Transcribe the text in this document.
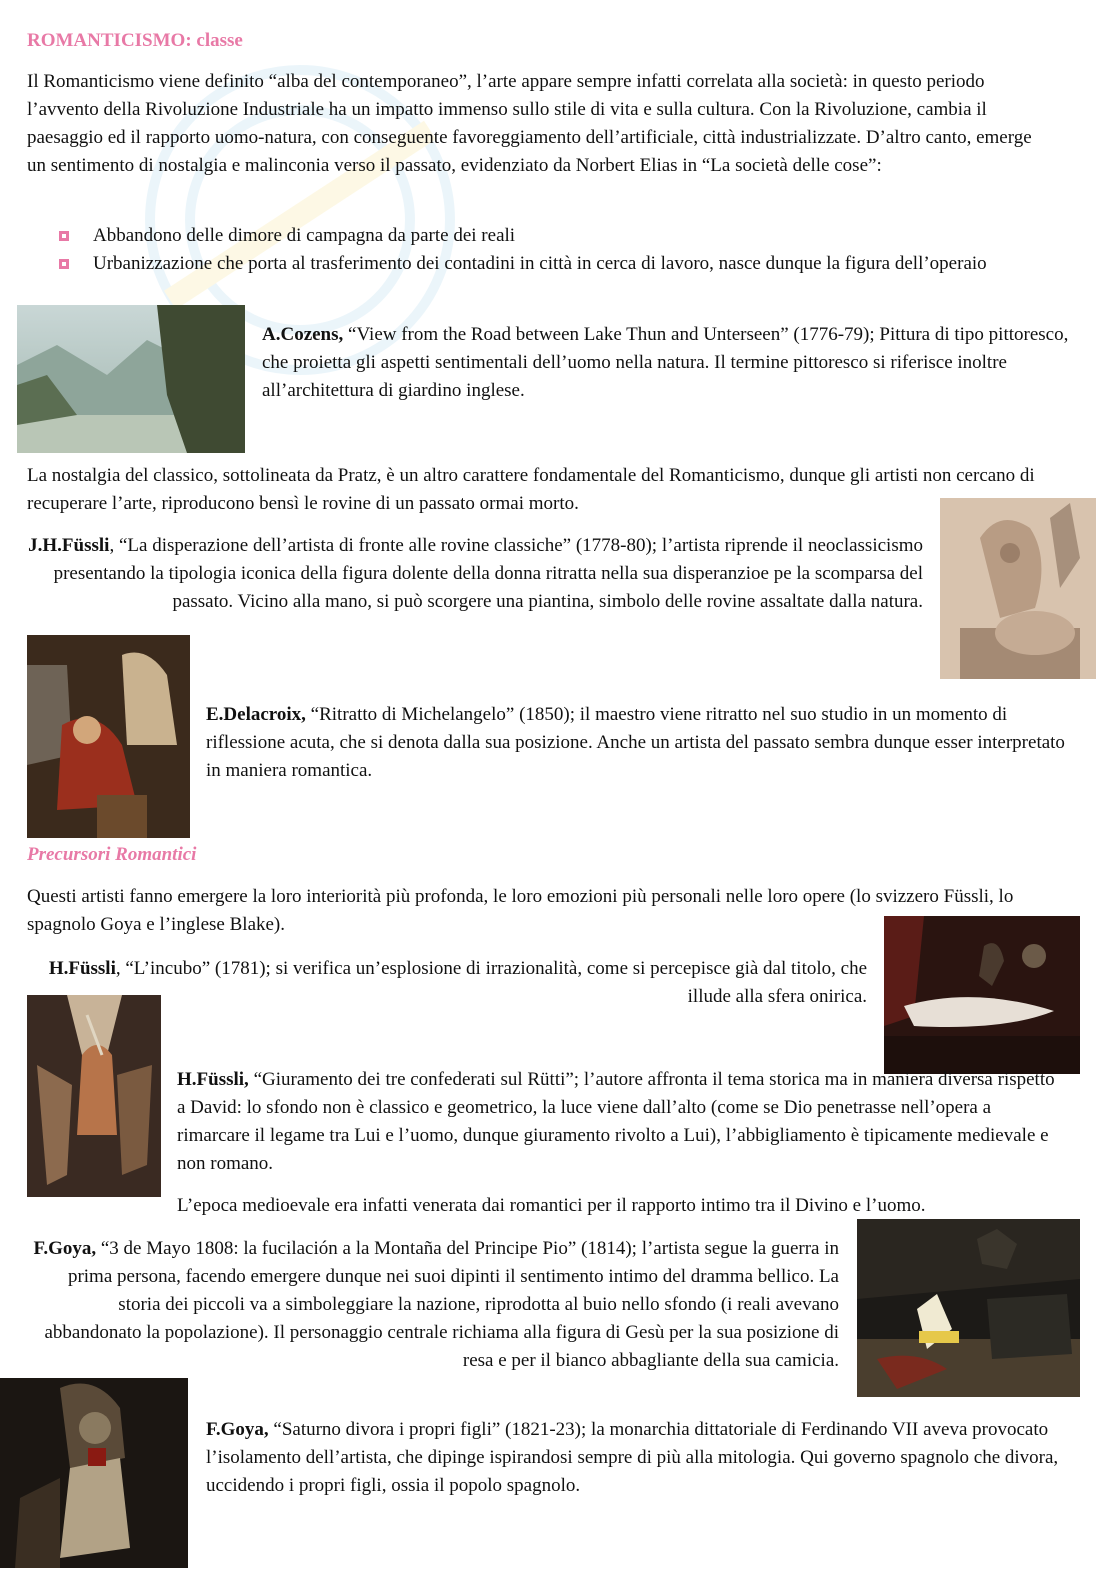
ROMANTICISMO: classe

Il Romanticismo viene definito “alba del contemporaneo”, l’arte appare sempre infatti correlata alla società: in questo periodo l’avvento della Rivoluzione Industriale ha un impatto immenso sullo stile di vita e sulla cultura. Con la Rivoluzione, cambia il paesaggio ed il rapporto uomo-natura, con conseguente favoreggiamento dell’artificiale, città industrializzate. D’altro canto, emerge un sentimento di nostalgia e malinconia verso il passato, evidenziato da Norbert Elias in “La società delle cose”:

Abbandono delle dimore di campagna da parte dei reali
Urbanizzazione che porta al trasferimento dei contadini in città in cerca di lavoro, nasce dunque la figura dell’operaio

A.Cozens, “View from the Road between Lake Thun and Unterseen” (1776-79); Pittura di tipo pittoresco, che proietta gli aspetti sentimentali dell’uomo nella natura. Il termine pittoresco si riferisce inoltre all’architettura di giardino inglese.

La nostalgia del classico, sottolineata da Pratz, è un altro carattere fondamentale del Romanticismo, dunque gli artisti non cercano di recuperare l’arte, riproducono bensì le rovine di un passato ormai morto.

J.H.Füssli, “La disperazione dell’artista di fronte alle rovine classiche” (1778-80); l’artista riprende il neoclassicismo presentando la tipologia iconica della figura dolente della donna ritratta nella sua disperanzioe pe la scomparsa del passato. Vicino alla mano, si può scorgere una piantina, simbolo delle rovine assaltate dalla natura.

E.Delacroix, “Ritratto di Michelangelo” (1850); il maestro viene ritratto nel suo studio in un momento di riflessione acuta, che si denota dalla sua posizione. Anche un artista del passato sembra dunque esser interpretato in maniera romantica.

Precursori Romantici

Questi artisti fanno emergere la loro interiorità più profonda, le loro emozioni più personali nelle loro opere (lo svizzero Füssli, lo spagnolo Goya e l’inglese Blake).

H.Füssli, “L’incubo” (1781); si verifica un’esplosione di irrazionalità, come si percepisce già dal titolo, che illude alla sfera onirica.

H.Füssli, “Giuramento dei tre confederati sul Rütti”; l’autore affronta il tema storica ma in maniera diversa rispetto a David: lo sfondo non è classico e geometrico, la luce viene dall’alto (come se Dio penetrasse nell’opera a rimarcare il legame tra Lui e l’uomo, dunque giuramento rivolto a Lui), l’abbigliamento è tipicamente medievale e non romano.

L’epoca medioevale era infatti venerata dai romantici per il rapporto intimo tra il Divino e l’uomo.

F.Goya, “3 de Mayo 1808: la fucilación a la Montaña del Principe Pio” (1814); l’artista segue la guerra in prima persona, facendo emergere dunque nei suoi dipinti il sentimento intimo del dramma bellico. La storia dei piccoli va a simboleggiare la nazione, riprodotta al buio nello sfondo (i reali avevano abbandonato la popolazione). Il personaggio centrale richiama alla figura di Gesù per la sua posizione di resa e per il bianco abbagliante della sua camicia.

F.Goya, “Saturno divora i propri figli” (1821-23); la monarchia dittatoriale di Ferdinando VII aveva provocato l’isolamento dell’artista, che dipinge ispirandosi sempre di più alla mitologia. Qui governo spagnolo che divora, uccidendo i propri figli, ossia il popolo spagnolo.
